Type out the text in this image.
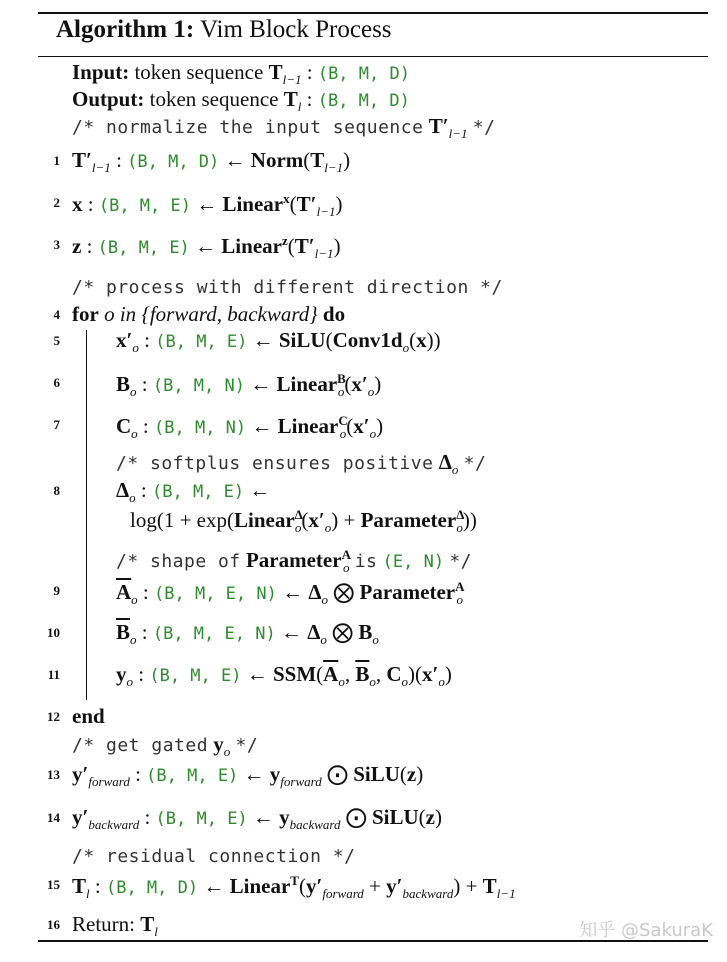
Algorithm 1: Vim Block Process
Input: token sequence $T_{l-1}$ : (B, M, D)
Output: token sequence $T_l$ : (B, M, D)
/* normalize the input sequence $T'_{l-1}$ */
1 $T'_{l-1}$ : (B, M, D) ← $Norm(T_{l-1})$
2 x : (B, M, E) ← $Linear^x(T'_{l-1})$
3 z : (B, M, E) ← $Linear^z(T'_{l-1})$
/* process with different direction */
4 for o in {forward, backward} do
5	$x'_o$ : (B, M, E) ← $SiLU(Conv1d_o(x))$
6	$B_o$ : (B, M, N) ← $Linear^B_o(x'_o)$
7	$C_o$ : (B, M, N) ← $Linear^C_o(x'_o)$
/* softplus ensures positive $\Delta_o$ */
8	$\Delta_o$ : (B, M, E) ←
$\log(1 + \exp(Linear^\Delta_o(x'_o)$ + Parameter$^\Delta_o$))
/* shape of Parameter$^A_o$ is (E, N) */
9	$\overline{A}_o$ : (B, M, E, N) ← $\Delta_o$ ⨂ Parameter$^A_o$
10	$\overline{B}_o$ : (B, M, E, N) ← $\Delta_o$ ⨂ $B_o$
11	$y_o$ : (B, M, E) ← $SSM(\overline{A}_o$, $\overline{B}_o$, $C_o)(x'_o)$
12 end
/* get gated $y_o$ */
13 $y'_{forward}$ : (B, M, E) ← $y_{forward}$ ⨀ SiLU(z)
14 $y'_{backward}$ : (B, M, E) ← $y_{backward}$ ⨀ SiLU(z)
/* residual connection */
15 $T_l$ : (B, M, D) ← $Linear^T(y'_{forward} + y'_{backward}) + T_{l-1}$
16 Return: $T_l$	知乎 @SakuraK
